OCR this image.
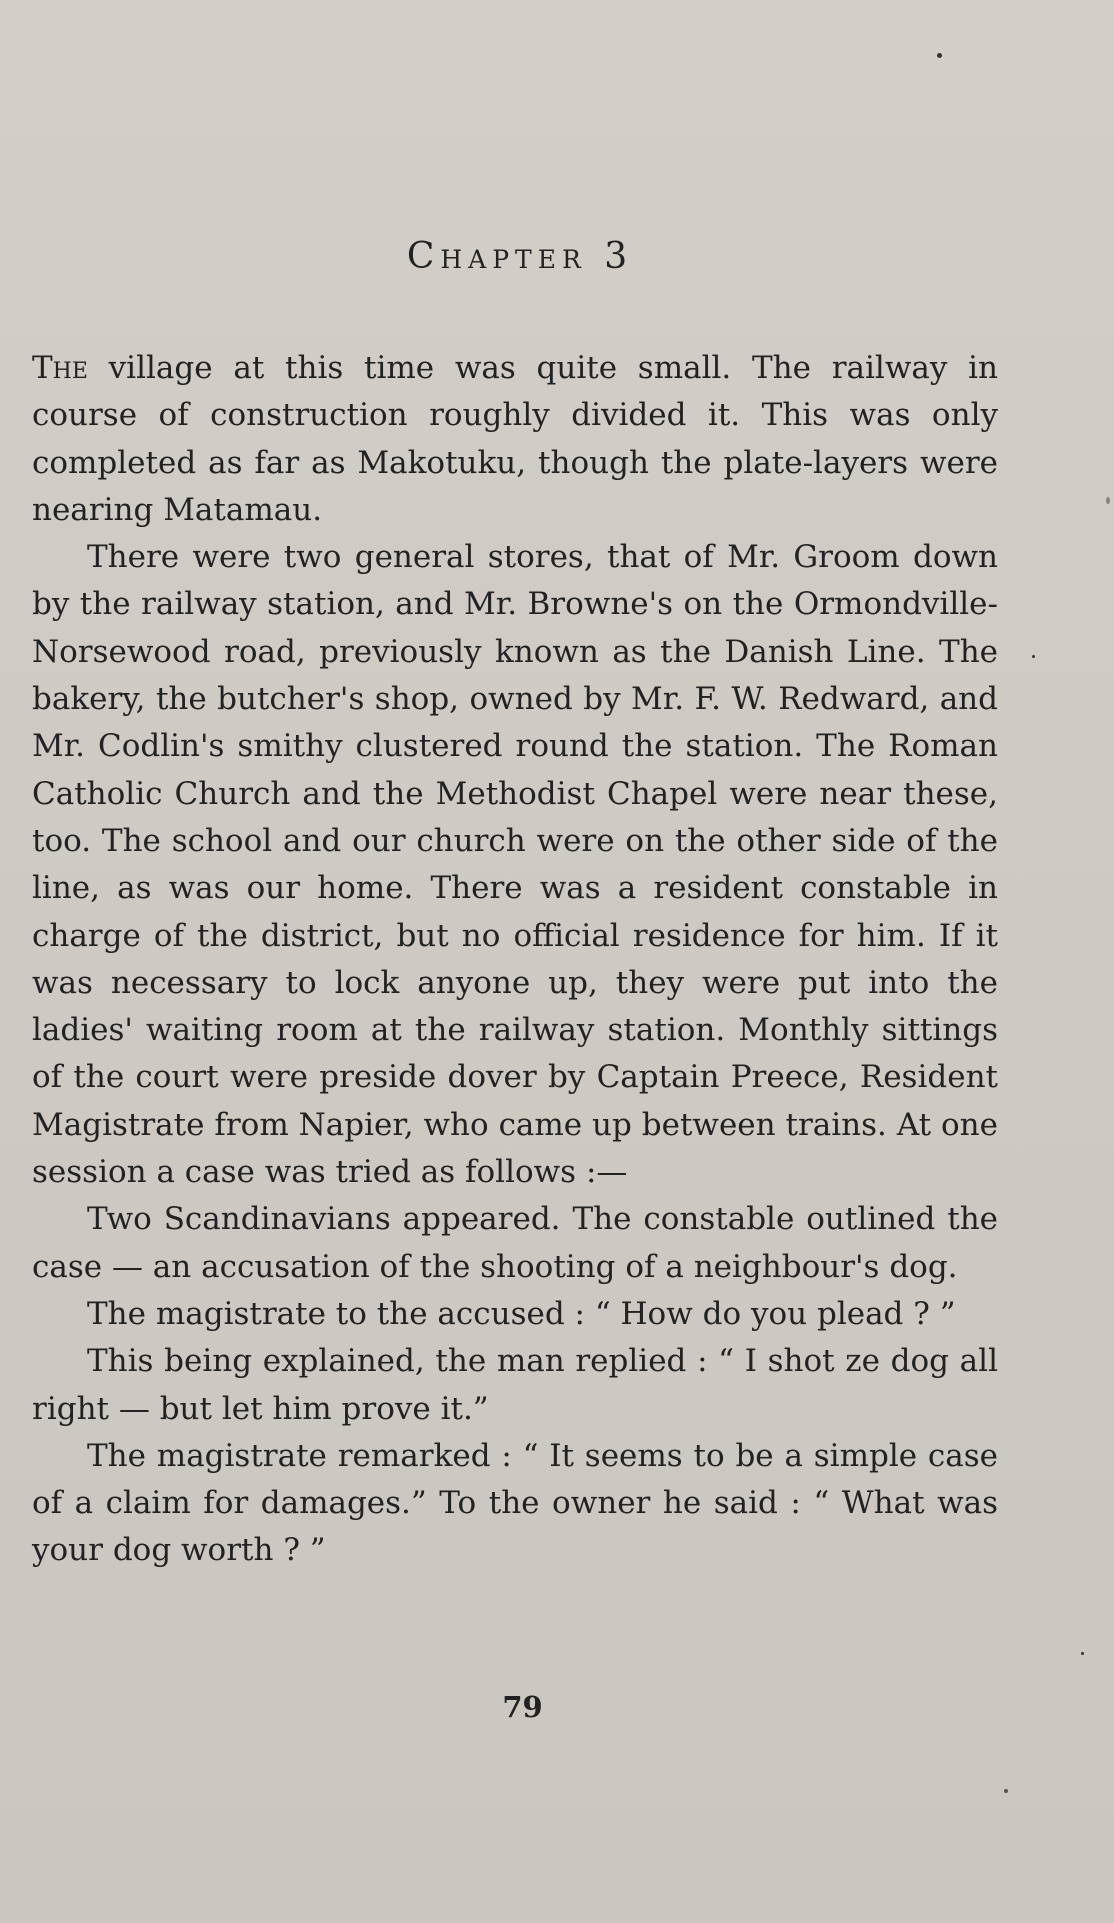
Chapter 3

The village at this time was quite small. The railway in course of construction roughly divided it. This was only completed as far as Makotuku, though the plate-layers were nearing Matamau.

There were two general stores, that of Mr. Groom down by the railway station, and Mr. Browne's on the Ormondville-Norsewood road, previously known as the Danish Line. The bakery, the butcher's shop, owned by Mr. F. W. Redward, and Mr. Codlin's smithy clustered round the station. The Roman Catholic Church and the Methodist Chapel were near these, too. The school and our church were on the other side of the line, as was our home. There was a resident constable in charge of the district, but no official residence for him. If it was necessary to lock anyone up, they were put into the ladies' waiting room at the railway station. Monthly sittings of the court were preside dover by Captain Preece, Resident Magistrate from Napier, who came up between trains. At one session a case was tried as follows :—

Two Scandinavians appeared. The constable outlined the case — an accusation of the shooting of a neighbour's dog.

The magistrate to the accused : “ How do you plead ? ”

This being explained, the man replied : “ I shot ze dog all right — but let him prove it.”

The magistrate remarked : “ It seems to be a simple case of a claim for damages.” To the owner he said : “ What was your dog worth ? ”

79
